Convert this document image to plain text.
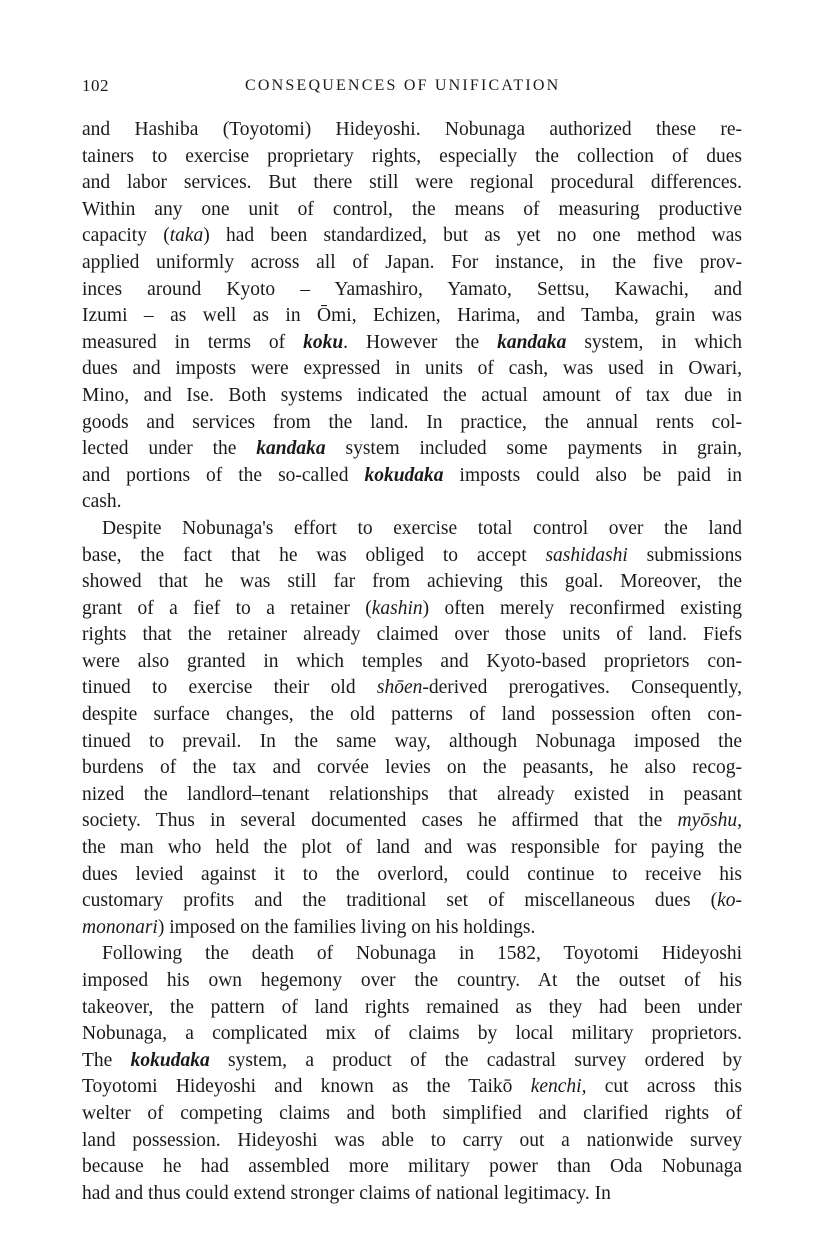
102	CONSEQUENCES OF UNIFICATION
and Hashiba (Toyotomi) Hideyoshi. Nobunaga authorized these re-
tainers to exercise proprietary rights, especially the collection of dues
and labor services. But there still were regional procedural differences.
Within any one unit of control, the means of measuring productive
capacity (taka) had been standardized, but as yet no one method was
applied uniformly across all of Japan. For instance, in the five prov-
inces around Kyoto – Yamashiro, Yamato, Settsu, Kawachi, and
Izumi – as well as in Ōmi, Echizen, Harima, and Tamba, grain was
measured in terms of koku. However the kandaka system, in which
dues and imposts were expressed in units of cash, was used in Owari,
Mino, and Ise. Both systems indicated the actual amount of tax due in
goods and services from the land. In practice, the annual rents col-
lected under the kandaka system included some payments in grain,
and portions of the so-called kokudaka imposts could also be paid in
cash.
Despite Nobunaga's effort to exercise total control over the land
base, the fact that he was obliged to accept sashidashi submissions
showed that he was still far from achieving this goal. Moreover, the
grant of a fief to a retainer (kashin) often merely reconfirmed existing
rights that the retainer already claimed over those units of land. Fiefs
were also granted in which temples and Kyoto-based proprietors con-
tinued to exercise their old shōen-derived prerogatives. Consequently,
despite surface changes, the old patterns of land possession often con-
tinued to prevail. In the same way, although Nobunaga imposed the
burdens of the tax and corvée levies on the peasants, he also recog-
nized the landlord–tenant relationships that already existed in peasant
society. Thus in several documented cases he affirmed that the myōshu,
the man who held the plot of land and was responsible for paying the
dues levied against it to the overlord, could continue to receive his
customary profits and the traditional set of miscellaneous dues (ko-
mononari) imposed on the families living on his holdings.
Following the death of Nobunaga in 1582, Toyotomi Hideyoshi
imposed his own hegemony over the country. At the outset of his
takeover, the pattern of land rights remained as they had been under
Nobunaga, a complicated mix of claims by local military proprietors.
The kokudaka system, a product of the cadastral survey ordered by
Toyotomi Hideyoshi and known as the Taikō kenchi, cut across this
welter of competing claims and both simplified and clarified rights of
land possession. Hideyoshi was able to carry out a nationwide survey
because he had assembled more military power than Oda Nobunaga
had and thus could extend stronger claims of national legitimacy. In
